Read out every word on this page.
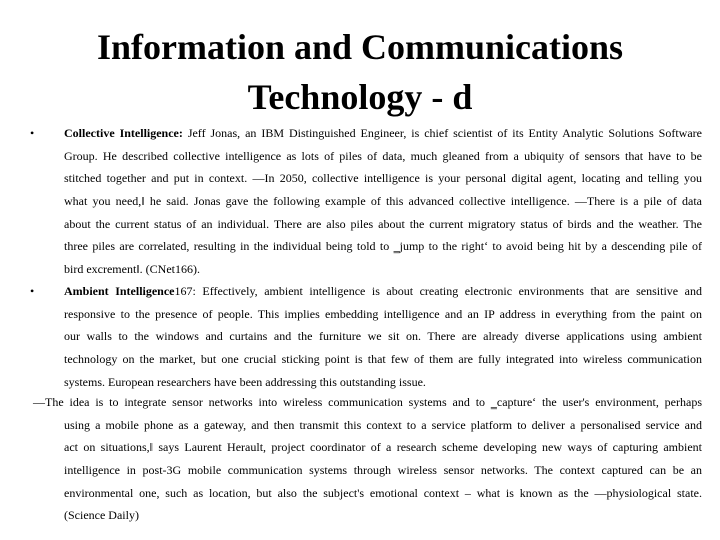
Information and Communications
Technology - d
• Collective Intelligence: Jeff Jonas, an IBM Distinguished Engineer, is chief scientist of its Entity Analytic Solutions Software
Group. He described collective intelligence as lots of piles of data, much gleaned from a ubiquity of sensors that have to be
stitched together and put in context. —In 2050, collective intelligence is your personal digital agent, locating and telling you
what you need,‖ he said. Jonas gave the following example of this advanced collective intelligence. —There is a pile of data
about the current status of an individual. There are also piles about the current migratory status of birds and the weather. The
three piles are correlated, resulting in the individual being told to ‗jump to the right‘ to avoid being hit by a descending pile of
bird excrement‖. (CNet166).
• Ambient Intelligence167: Effectively, ambient intelligence is about creating electronic environments that are sensitive and
responsive to the presence of people. This implies embedding intelligence and an IP address in everything from the paint on
our walls to the windows and curtains and the furniture we sit on. There are already diverse applications using ambient
technology on the market, but one crucial sticking point is that few of them are fully integrated into wireless communication
systems. European researchers have been addressing this outstanding issue.
—The idea is to integrate sensor networks into wireless communication systems and to ‗capture‘ the user's environment, perhaps
using a mobile phone as a gateway, and then transmit this context to a service platform to deliver a personalised service and
act on situations,‖ says Laurent Herault, project coordinator of a research scheme developing new ways of capturing ambient
intelligence in post-3G mobile communication systems through wireless sensor networks. The context captured can be an
environmental one, such as location, but also the subject's emotional context – what is known as the —physiological state.
(Science Daily)
